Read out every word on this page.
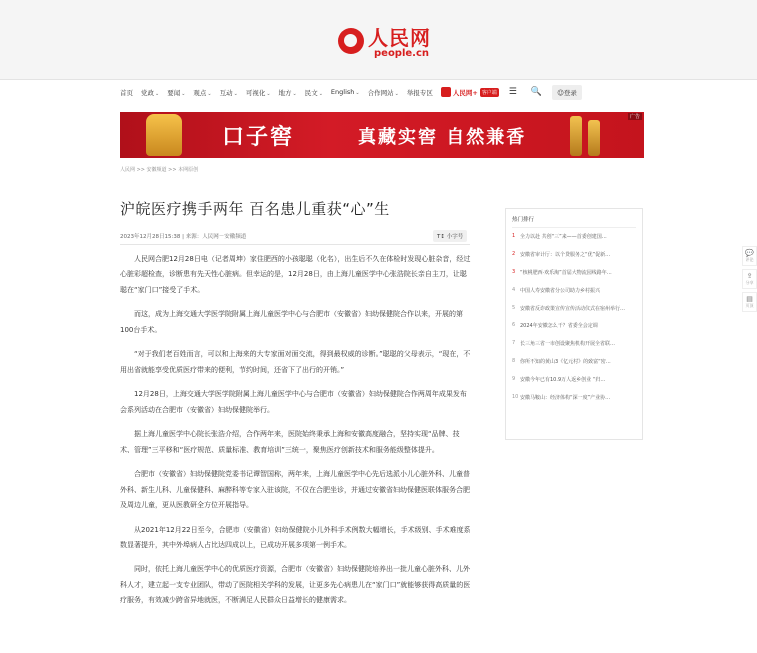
人民网
people.cn
首页 党政⌄ 要闻⌄ 观点⌄ 互动⌄ 可视化⌄ 地方⌄ 民文⌄ English⌄ 合作网站⌄ 举报专区	人民网+ 客户端 ☰ 🔍	☺登录
口子窖	真藏实窖 自然兼香
广告
人民网 >> 安徽频道 >> 本网原创
沪皖医疗携手两年 百名患儿重获“心”生
2023年12月28日15:38 | 来源：人民网－安徽频道	T↕ 小字号

人民网合肥12月28日电（记者周坤）家住肥西的小孩聪聪（化名），出生后不久在体检时发现心脏杂音，经过心脏彩超检查，诊断患有先天性心脏病。但幸运的是，12月28日，由上海儿童医学中心张浩院长亲自主刀，让聪聪在“家门口”接受了手术。

而这，成为上海交通大学医学院附属上海儿童医学中心与合肥市（安徽省）妇幼保健院合作以来，开展的第100台手术。

“对于我们老百姓而言，可以和上海来的大专家面对面交流，得到最权威的诊断。”聪聪的父母表示，“现在，不用出省就能享受优质医疗带来的便利，节约时间，还省下了出行的开销。”

12月28日，上海交通大学医学院附属上海儿童医学中心与合肥市（安徽省）妇幼保健院合作两周年成果发布会系列活动在合肥市（安徽省）妇幼保健院举行。

据上海儿童医学中心院长张浩介绍，合作两年来，医院始终秉承上海和安徽高度融合，坚持实现“品牌、技术、管理”三平移和“医疗规范、质量标准、教育培训”三统一，聚焦医疗创新技术和服务能级整体提升。

合肥市（安徽省）妇幼保健院党委书记谭智国称，两年来，上海儿童医学中心先后选派小儿心脏外科、儿童普外科、新生儿科、儿童保健科、麻醉科等专家入驻该院，不仅在合肥坐诊，并通过安徽省妇幼保健医联体服务合肥及周边儿童，更从医教研全方位开展指导。

从2021年12月22日至今，合肥市（安徽省）妇幼保健院小儿外科手术例数大幅增长，手术级别、手术难度系数显著提升，其中外埠病人占比达四成以上，已成功开展多项第一例手术。

同时，依托上海儿童医学中心的优质医疗资源，合肥市（安徽省）妇幼保健院培养出一批儿童心脏外科、儿外科人才，建立起一支专业团队，带动了医院相关学科的发展，让更多先心病患儿在“家门口”就能够获得高质量的医疗服务，有效减少跨省异地就医，不断满足人民群众日益增长的健康需求。

热门排行
1 全力以赴 共创“三”来——首委创建国…
2 安徽省审计厅：以个贷服务之“优”促新…
3 “核桃肥西·欢乐淘”首届大物流园线路年…
4 中国人寿安徽省分公司助力乡村振兴
5 安徽省反诈政策宣传宣传活动仪式在宿州举行…
6 2024年安徽怎么干？省委全会定调
7 长三角三省一市创设聚焦机构开展全省联…
8 你所不知的黄山3《亿元村》的致富“密…
9 安徽今年已有10.9万人返乡创业 “归…
10 安徽马鞍山：经济体构“深一度”产业协…
💬
评论
⇪
分享
▤
页顶
